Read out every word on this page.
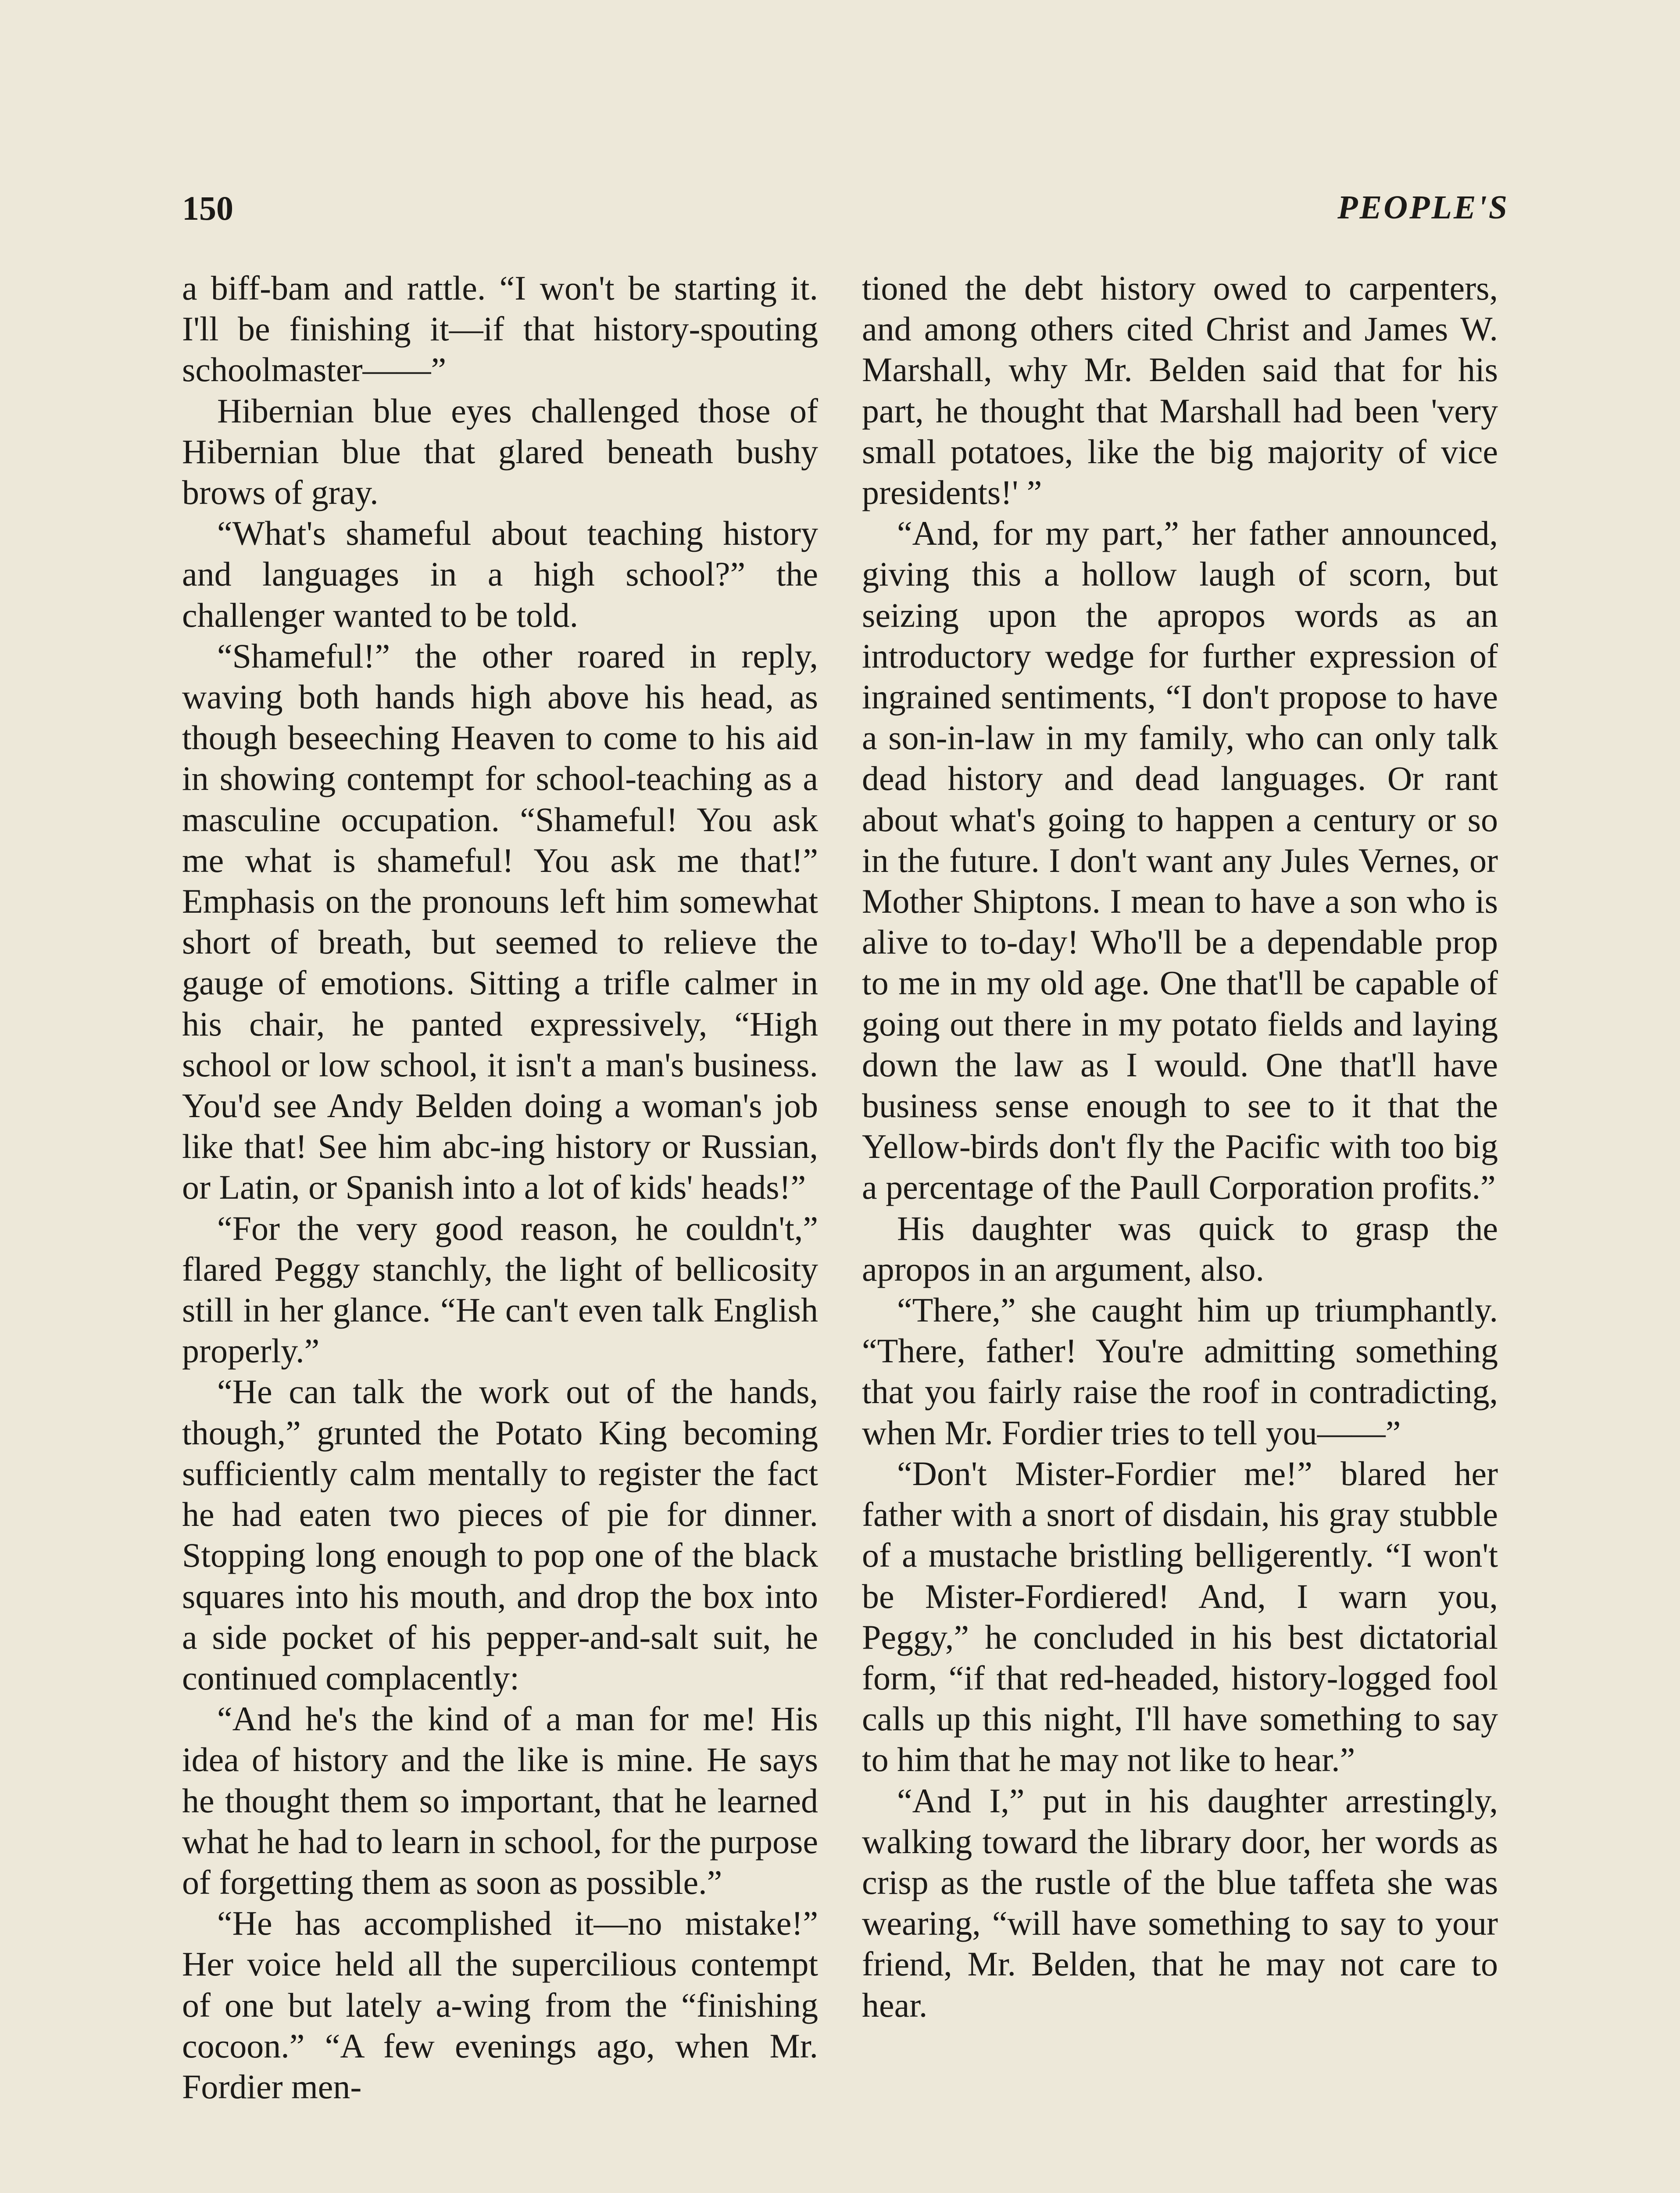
150	PEOPLE'S

a biff-bam and rattle. “I won't be starting it. I'll be finishing it—if that history-spouting schoolmaster——”

Hibernian blue eyes challenged those of Hibernian blue that glared beneath bushy brows of gray.

“What's shameful about teaching history and languages in a high school?” the challenger wanted to be told.

“Shameful!” the other roared in reply, waving both hands high above his head, as though beseeching Heaven to come to his aid in showing contempt for school-teaching as a masculine occupation. “Shameful! You ask me what is shameful! You ask me that!” Emphasis on the pronouns left him somewhat short of breath, but seemed to relieve the gauge of emotions. Sitting a trifle calmer in his chair, he panted expressively, “High school or low school, it isn't a man's business. You'd see Andy Belden doing a woman's job like that! See him abc-ing history or Russian, or Latin, or Spanish into a lot of kids' heads!”

“For the very good reason, he couldn't,” flared Peggy stanchly, the light of bellicosity still in her glance. “He can't even talk English properly.”

“He can talk the work out of the hands, though,” grunted the Potato King becoming sufficiently calm mentally to register the fact he had eaten two pieces of pie for dinner. Stopping long enough to pop one of the black squares into his mouth, and drop the box into a side pocket of his pepper-and-salt suit, he continued complacently:

“And he's the kind of a man for me! His idea of history and the like is mine. He says he thought them so important, that he learned what he had to learn in school, for the purpose of forgetting them as soon as possible.”

“He has accomplished it—no mistake!” Her voice held all the supercilious contempt of one but lately a-wing from the “finishing cocoon.” “A few evenings ago, when Mr. Fordier men-

tioned the debt history owed to carpenters, and among others cited Christ and James W. Marshall, why Mr. Belden said that for his part, he thought that Marshall had been 'very small potatoes, like the big majority of vice presidents!' ”

“And, for my part,” her father announced, giving this a hollow laugh of scorn, but seizing upon the apropos words as an introductory wedge for further expression of ingrained sentiments, “I don't propose to have a son-in-law in my family, who can only talk dead history and dead languages. Or rant about what's going to happen a century or so in the future. I don't want any Jules Vernes, or Mother Shiptons. I mean to have a son who is alive to to-day! Who'll be a dependable prop to me in my old age. One that'll be capable of going out there in my potato fields and laying down the law as I would. One that'll have business sense enough to see to it that the Yellow-birds don't fly the Pacific with too big a percentage of the Paull Corporation profits.”

His daughter was quick to grasp the apropos in an argument, also.

“There,” she caught him up triumphantly. “There, father! You're admitting something that you fairly raise the roof in contradicting, when Mr. Fordier tries to tell you——”

“Don't Mister-Fordier me!” blared her father with a snort of disdain, his gray stubble of a mustache bristling belligerently. “I won't be Mister-Fordiered! And, I warn you, Peggy,” he concluded in his best dictatorial form, “if that red-headed, history-logged fool calls up this night, I'll have something to say to him that he may not like to hear.”

“And I,” put in his daughter arrestingly, walking toward the library door, her words as crisp as the rustle of the blue taffeta she was wearing, “will have something to say to your friend, Mr. Belden, that he may not care to hear.
